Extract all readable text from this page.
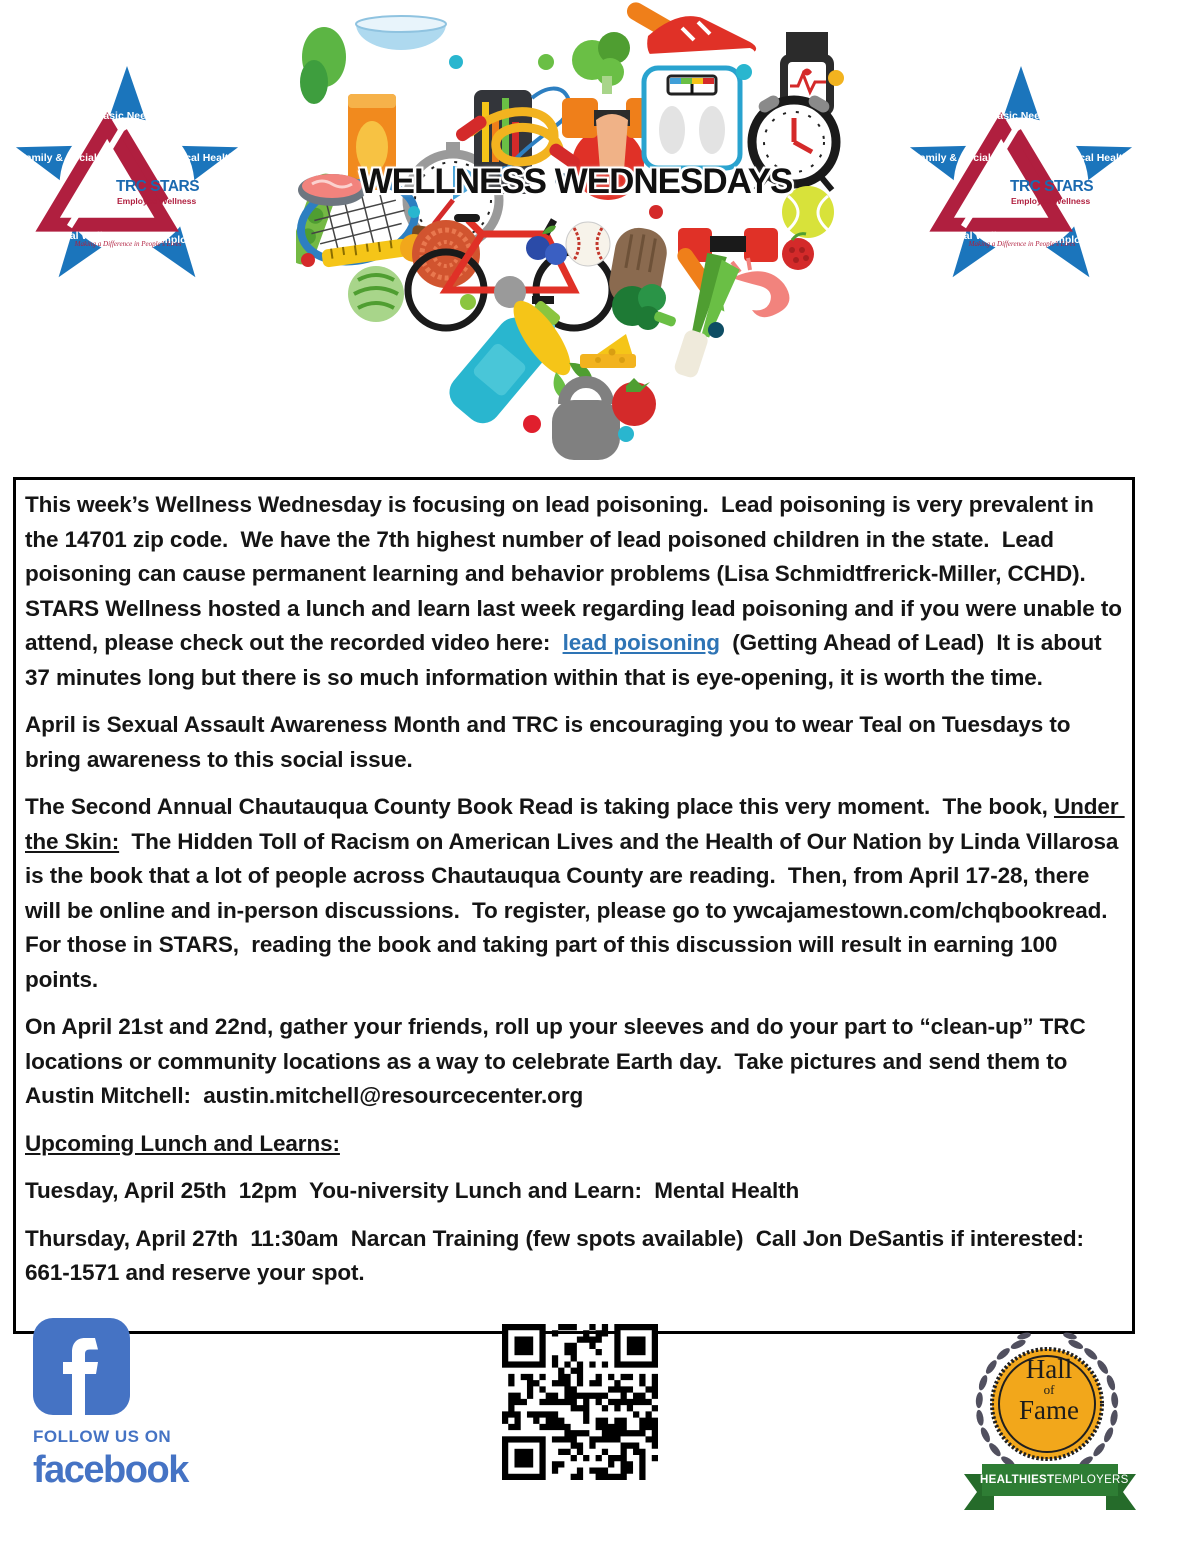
Basic Needs
Family & Social	Physical Health
Mental Wellness	Employment
TRC STARS
Employee Wellness
Making a Difference in People’s Lives
WELLNESS WEDNESDAYS
Basic Needs
Family & Social	Physical Health
Mental Wellness	Employment
TRC STARS
Employee Wellness
Making a Difference in People’s Lives

This week’s Wellness Wednesday is focusing on lead poisoning.  Lead poisoning is very prevalent in the 14701 zip code.  We have the 7th highest number of lead poisoned children in the state.  Lead poisoning can cause permanent learning and behavior problems (Lisa Schmidtfrerick-Miller, CCHD).  STARS Wellness hosted a lunch and learn last week regarding lead poisoning and if you were unable to attend, please check out the recorded video here:  lead poisoning  (Getting Ahead of Lead)  It is about 37 minutes long but there is so much information within that is eye-opening, it is worth the time.

April is Sexual Assault Awareness Month and TRC is encouraging you to wear Teal on Tuesdays to bring awareness to this social issue.

The Second Annual Chautauqua County Book Read is taking place this very moment.  The book, Under the Skin:  The Hidden Toll of Racism on American Lives and the Health of Our Nation by Linda Villarosa is the book that a lot of people across Chautauqua County are reading.  Then, from April 17-28, there will be online and in-person discussions.  To register, please go to ywcajamestown.com/chqbookread.  For those in STARS,  reading the book and taking part of this discussion will result in earning 100 points.

On April 21st and 22nd, gather your friends, roll up your sleeves and do your part to “clean-up” TRC locations or community locations as a way to celebrate Earth day.  Take pictures and send them to Austin Mitchell:  austin.mitchell@resourcecenter.org

Upcoming Lunch and Learns:

Tuesday, April 25th  12pm  You-niversity Lunch and Learn:  Mental Health

Thursday, April 27th  11:30am  Narcan Training (few spots available)  Call Jon DeSantis if interested:  661-1571 and reserve your spot.

FOLLOW US ON
facebook
Hall
of
Fame
HEALTHIESTEMPLOYERS
